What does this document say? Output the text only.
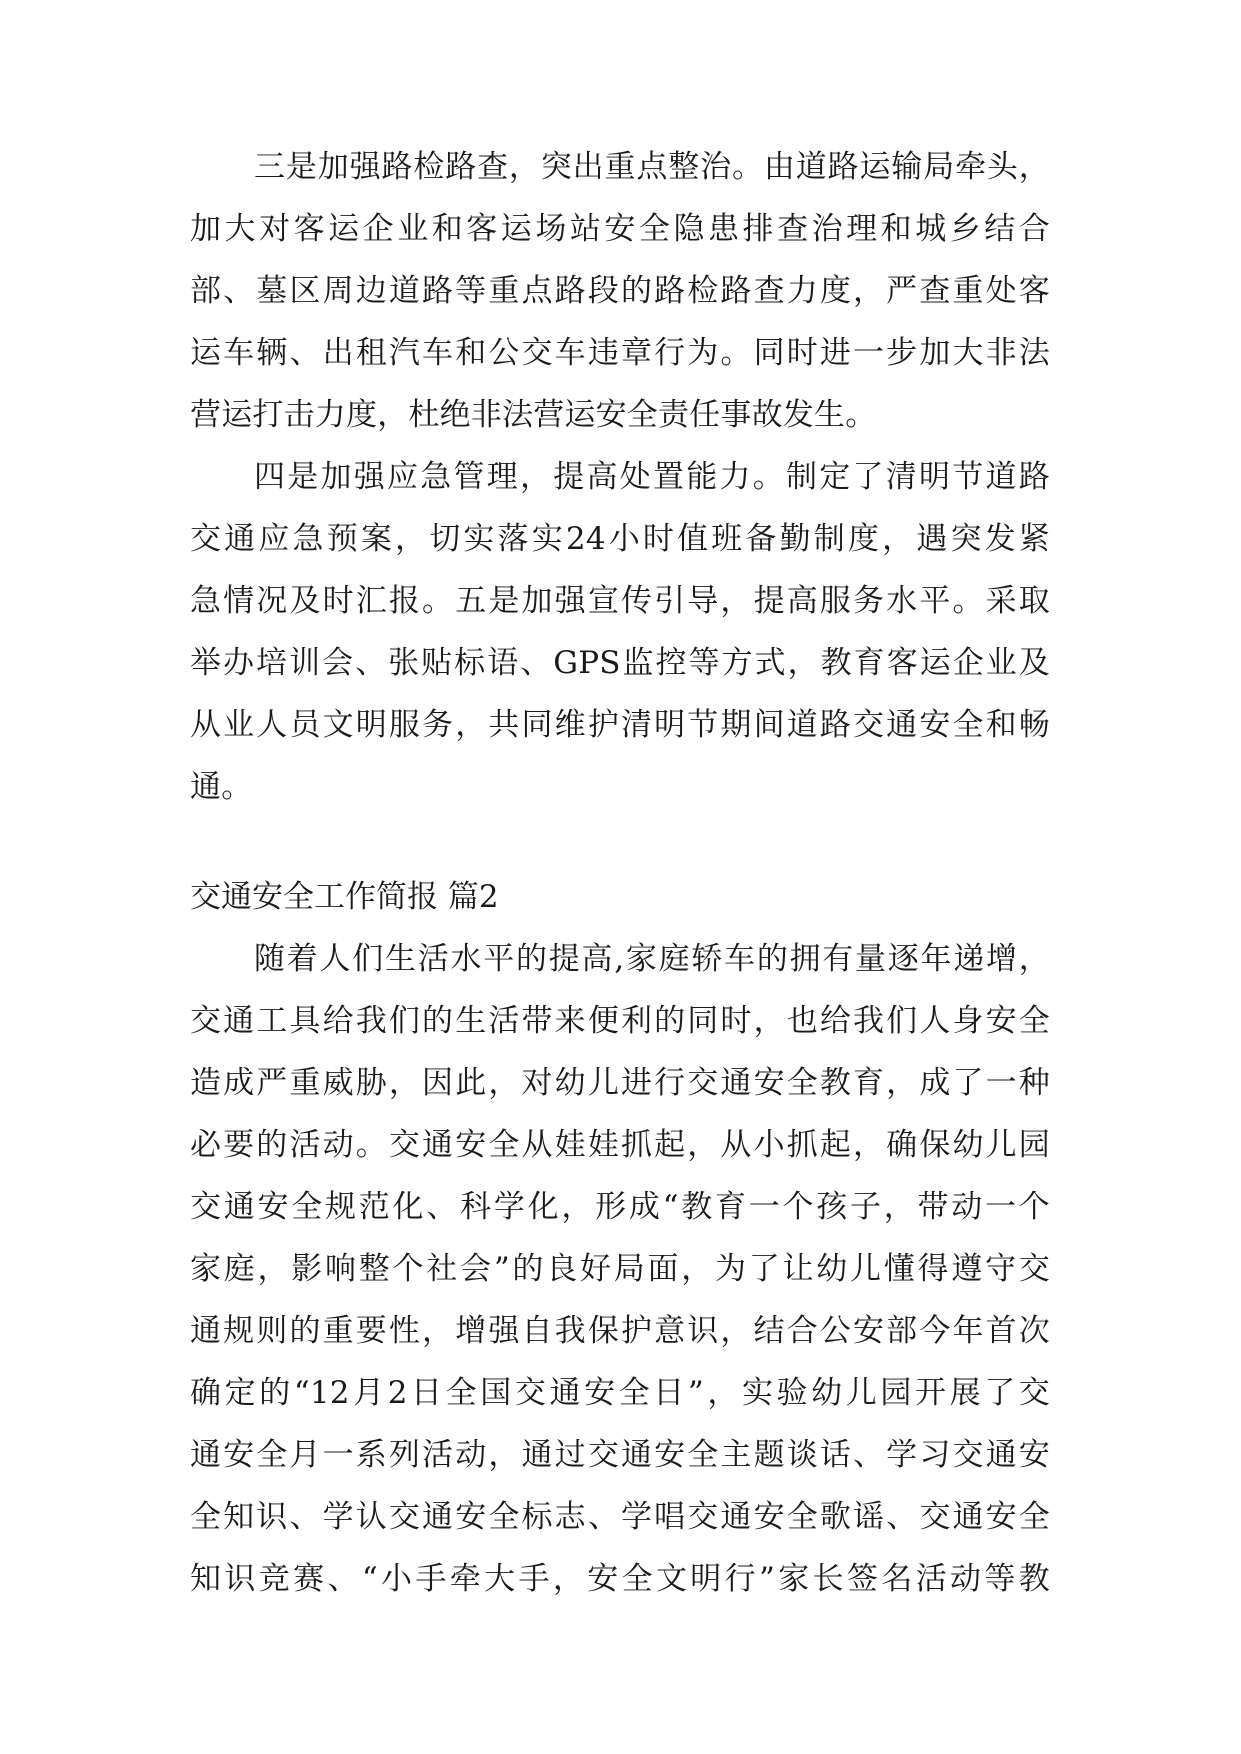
三是加强路检路查，突出重点整治。由道路运输局牵头，
加大对客运企业和客运场站安全隐患排查治理和城乡结合
部、墓区周边道路等重点路段的路检路查力度，严查重处客
运车辆、出租汽车和公交车违章行为。同时进一步加大非法
营运打击力度，杜绝非法营运安全责任事故发生。
四是加强应急管理，提高处置能力。制定了清明节道路
交通应急预案，切实落实24小时值班备勤制度，遇突发紧
急情况及时汇报。五是加强宣传引导，提高服务水平。采取
举办培训会、张贴标语、GPS监控等方式，教育客运企业及
从业人员文明服务，共同维护清明节期间道路交通安全和畅
通。
交通安全工作简报 篇2
随着人们生活水平的提高,家庭轿车的拥有量逐年递增，
交通工具给我们的生活带来便利的同时，也给我们人身安全
造成严重威胁，因此，对幼儿进行交通安全教育，成了一种
必要的活动。交通安全从娃娃抓起，从小抓起，确保幼儿园
交通安全规范化、科学化，形成“教育一个孩子，带动一个
家庭，影响整个社会”的良好局面，为了让幼儿懂得遵守交
通规则的重要性，增强自我保护意识，结合公安部今年首次
确定的“12月2日全国交通安全日”，实验幼儿园开展了交
通安全月一系列活动，通过交通安全主题谈话、学习交通安
全知识、学认交通安全标志、学唱交通安全歌谣、交通安全
知识竞赛、“小手牵大手，安全文明行”家长签名活动等教
